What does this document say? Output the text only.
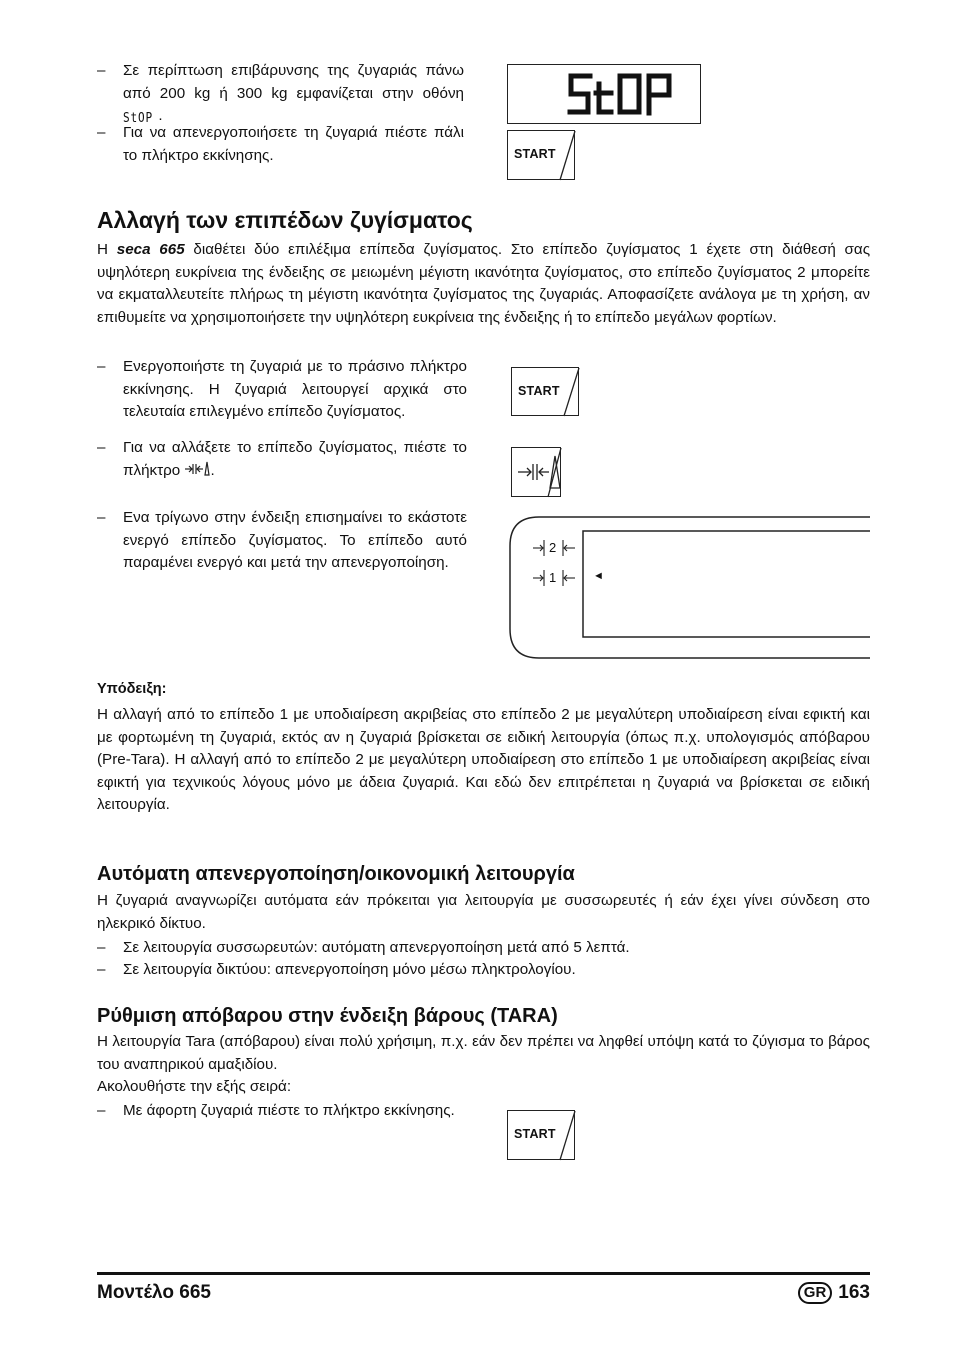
– Σε περίπτωση επιβάρυνσης της ζυγαριάς πάνω από 200 kg ή 300 kg εμφανίζεται στην οθόνη StOP .
– Για να απενεργοποιήσετε τη ζυγαριά πιέστε πάλι το πλήκτρο εκκίνησης.	START
Αλλαγή των επιπέδων ζυγίσματος
Η seca 665 διαθέτει δύο επιλέξιμα επίπεδα ζυγίσματος. Στο επίπεδο ζυγίσματος 1 έχετε στη διάθεσή σας υψηλότερη ευκρίνεια της ένδειξης σε μειωμένη μέγιστη ικανότητα ζυγίσματος, στο επίπεδο ζυγίσματος 2 μπορείτε να εκματαλλευτείτε πλήρως τη μέγιστη ικανότητα ζυγίσματος της ζυγαριάς. Αποφασίζετε ανάλογα με τη χρήση, αν επιθυμείτε να χρησιμοποιήσετε την υψηλότερη ευκρίνεια της ένδειξης ή το επίπεδο μεγάλων φορτίων.
– Ενεργοποιήστε τη ζυγαριά με το πράσινο πλήκτρο εκκίνησης. Η ζυγαριά λειτουργεί αρχικά στο τελευταία επιλεγμένο επίπεδο ζυγίσματος.
– Για να αλλάξετε το επίπεδο ζυγίσματος, πιέστε το πλήκτρο .
– Ενα τρίγωνο στην ένδειξη επισημαίνει το εκάστοτε ενεργό επίπεδο ζυγίσματος. Το επίπεδο αυτό παραμένει ενεργό και μετά την απενεργοποίηση.
START
2
1	◄
Υπόδειξη:
Η αλλαγή από το επίπεδο 1 με υποδιαίρεση ακριβείας στο επίπεδο 2 με μεγαλύτερη υποδιαίρεση είναι εφικτή και με φορτωμένη τη ζυγαριά, εκτός αν η ζυγαριά βρίσκεται σε ειδική λειτουργία (όπως π.χ. υπολογισμός απόβαρου (Pre-Tara). Η αλλαγή από το επίπεδο 2 με μεγαλύτερη υποδιαίρεση στο επίπεδο 1 με υποδιαίρεση ακριβείας είναι εφικτή για τεχνικούς λόγους μόνο με άδεια ζυγαριά. Και εδώ δεν επιτρέπεται η ζυγαριά να βρίσκεται σε ειδική λειτουργία.
Αυτόματη απενεργοποίηση/οικονομική λειτουργία
Η ζυγαριά αναγνωρίζει αυτόματα εάν πρόκειται για λειτουργία με συσσωρευτές ή εάν έχει γίνει σύνδεση στο ηλεκρικό δίκτυο.
– Σε λειτουργία συσσωρευτών: αυτόματη απενεργοποίηση μετά από 5 λεπτά.
– Σε λειτουργία δικτύου: απενεργοποίηση μόνο μέσω πληκτρολογίου.
Ρύθμιση απόβαρου στην ένδειξη βάρους (TARA)
Η λειτουργία Tara (απόβαρου) είναι πολύ χρήσιμη, π.χ. εάν δεν πρέπει να ληφθεί υπόψη κατά το ζύγισμα το βάρος του αναπηρικού αμαξιδίου.
Ακολουθήστε την εξής σειρά:
– Με άφορτη ζυγαριά πιέστε το πλήκτρο εκκίνησης.
START
Μοντέλο 665	GR 163
